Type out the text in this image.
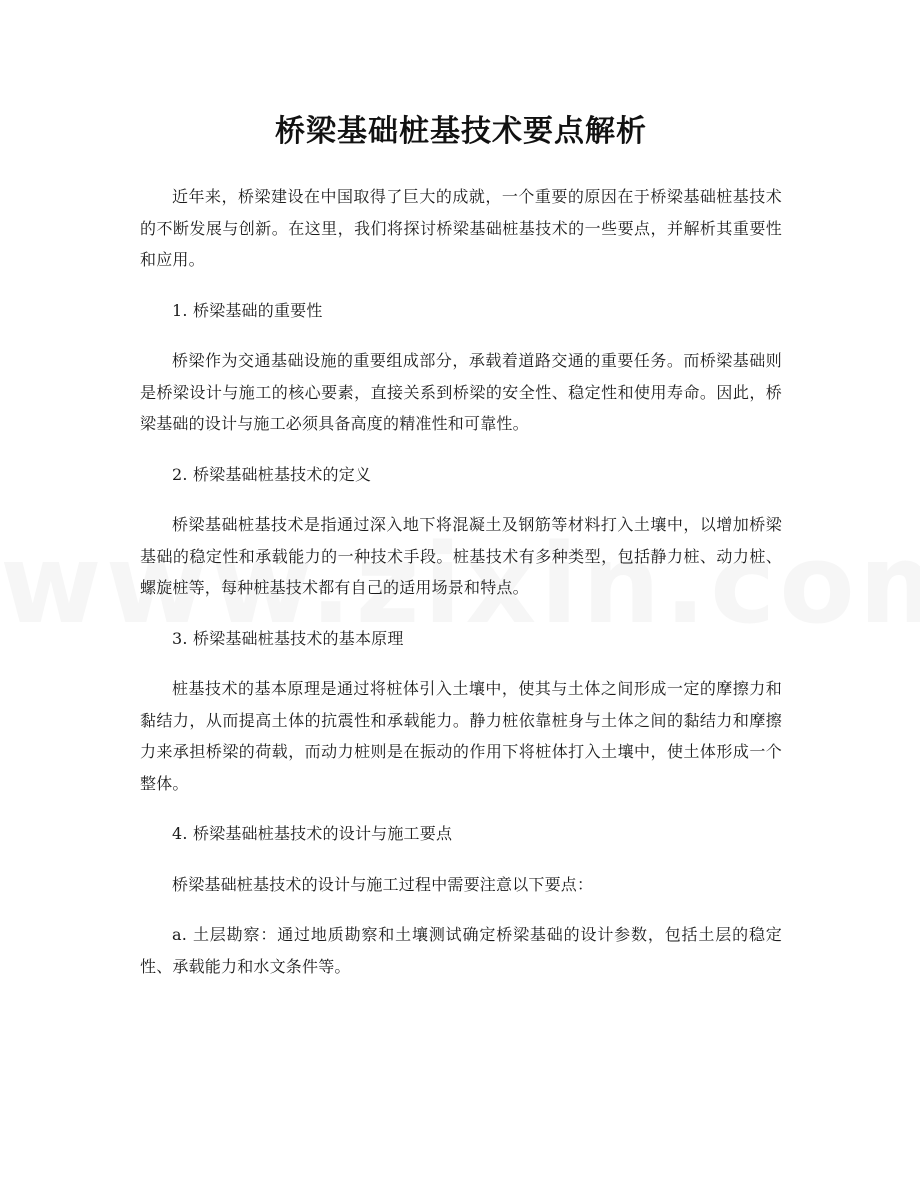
桥梁基础桩基技术要点解析

近年来，桥梁建设在中国取得了巨大的成就，一个重要的原因在于桥梁基础桩基技术的不断发展与创新。在这里，我们将探讨桥梁基础桩基技术的一些要点，并解析其重要性和应用。

1. 桥梁基础的重要性

桥梁作为交通基础设施的重要组成部分，承载着道路交通的重要任务。而桥梁基础则是桥梁设计与施工的核心要素，直接关系到桥梁的安全性、稳定性和使用寿命。因此，桥梁基础的设计与施工必须具备高度的精准性和可靠性。

2. 桥梁基础桩基技术的定义

桥梁基础桩基技术是指通过深入地下将混凝土及钢筋等材料打入土壤中，以增加桥梁基础的稳定性和承载能力的一种技术手段。桩基技术有多种类型，包括静力桩、动力桩、螺旋桩等，每种桩基技术都有自己的适用场景和特点。

3. 桥梁基础桩基技术的基本原理

桩基技术的基本原理是通过将桩体引入土壤中，使其与土体之间形成一定的摩擦力和黏结力，从而提高土体的抗震性和承载能力。静力桩依靠桩身与土体之间的黏结力和摩擦力来承担桥梁的荷载，而动力桩则是在振动的作用下将桩体打入土壤中，使土体形成一个整体。

4. 桥梁基础桩基技术的设计与施工要点

桥梁基础桩基技术的设计与施工过程中需要注意以下要点：

a. 土层勘察：通过地质勘察和土壤测试确定桥梁基础的设计参数，包括土层的稳定性、承载能力和水文条件等。
